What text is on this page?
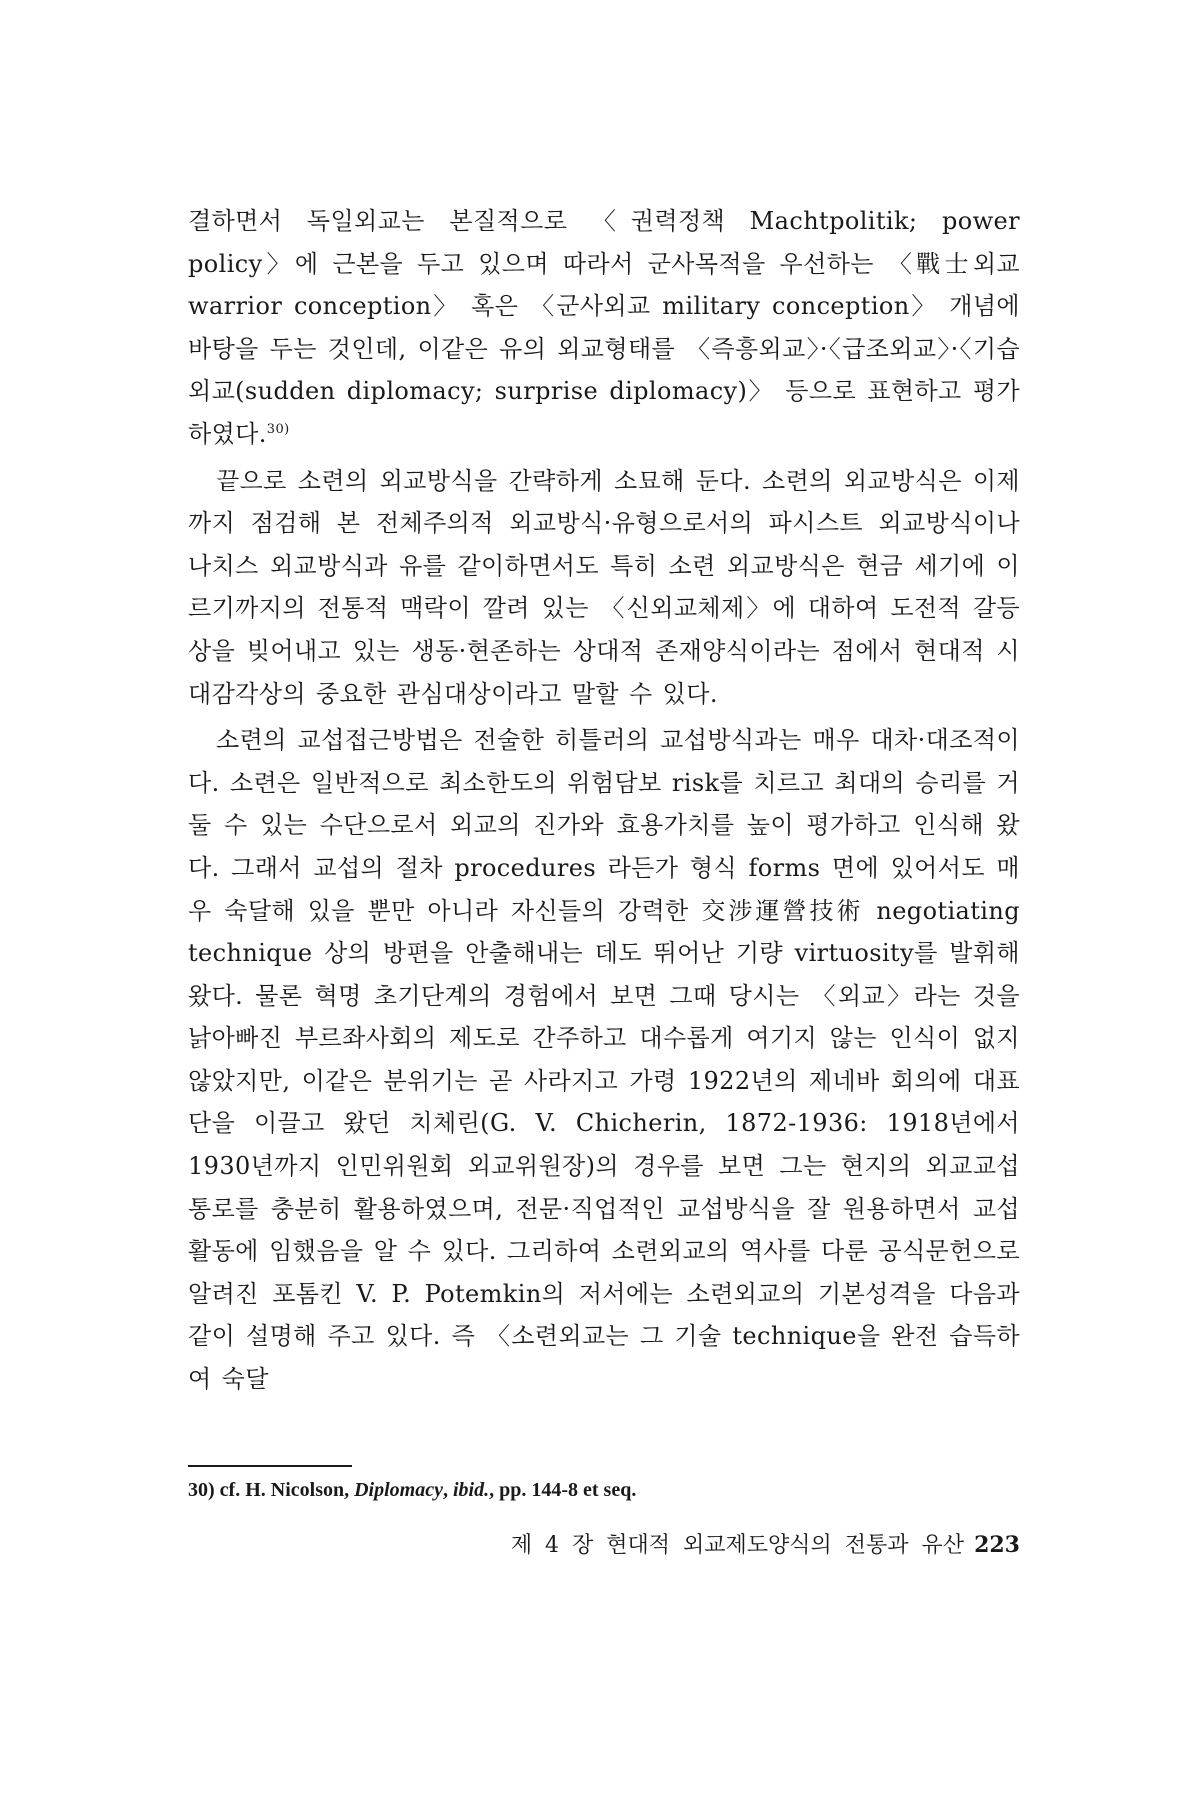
결하면서 독일외교는 본질적으로 〈권력정책 Machtpolitik; power policy〉에 근본을 두고 있으며 따라서 군사목적을 우선하는 〈戰士외교 warrior conception〉 혹은 〈군사외교 military conception〉 개념에 바탕을 두는 것인데, 이같은 유의 외교형태를 〈즉흥외교〉·〈급조외교〉·〈기습외교(sudden diplomacy; surprise diplomacy)〉 등으로 표현하고 평가하였다.$^{30)}$

끝으로 소련의 외교방식을 간략하게 소묘해 둔다. 소련의 외교방식은 이제까지 점검해 본 전체주의적 외교방식·유형으로서의 파시스트 외교방식이나 나치스 외교방식과 유를 같이하면서도 특히 소련 외교방식은 현금 세기에 이르기까지의 전통적 맥락이 깔려 있는 〈신외교체제〉에 대하여 도전적 갈등상을 빚어내고 있는 생동·현존하는 상대적 존재양식이라는 점에서 현대적 시대감각상의 중요한 관심대상이라고 말할 수 있다.

소련의 교섭접근방법은 전술한 히틀러의 교섭방식과는 매우 대차·대조적이다. 소련은 일반적으로 최소한도의 위험담보 risk를 치르고 최대의 승리를 거둘 수 있는 수단으로서 외교의 진가와 효용가치를 높이 평가하고 인식해 왔다. 그래서 교섭의 절차 procedures 라든가 형식 forms 면에 있어서도 매우 숙달해 있을 뿐만 아니라 자신들의 강력한 交涉運營技術 negotiating technique 상의 방편을 안출해내는 데도 뛰어난 기량 virtuosity를 발휘해 왔다. 물론 혁명 초기단계의 경험에서 보면 그때 당시는 〈외교〉라는 것을 낡아빠진 부르좌사회의 제도로 간주하고 대수롭게 여기지 않는 인식이 없지 않았지만, 이같은 분위기는 곧 사라지고 가령 1922년의 제네바 회의에 대표단을 이끌고 왔던 치체린(G. V. Chicherin, 1872-1936: 1918년에서 1930년까지 인민위원회 외교위원장)의 경우를 보면 그는 현지의 외교교섭 통로를 충분히 활용하였으며, 전문·직업적인 교섭방식을 잘 원용하면서 교섭활동에 임했음을 알 수 있다. 그리하여 소련외교의 역사를 다룬 공식문헌으로 알려진 포톰킨 V. P. Potemkin의 저서에는 소련외교의 기본성격을 다음과 같이 설명해 주고 있다. 즉 〈소련외교는 그 기술 technique을 완전 습득하여 숙달

30) cf. H. Nicolson, Diplomacy, ibid., pp. 144-8 et seq.
제 4 장 현대적 외교제도양식의 전통과 유산 223
